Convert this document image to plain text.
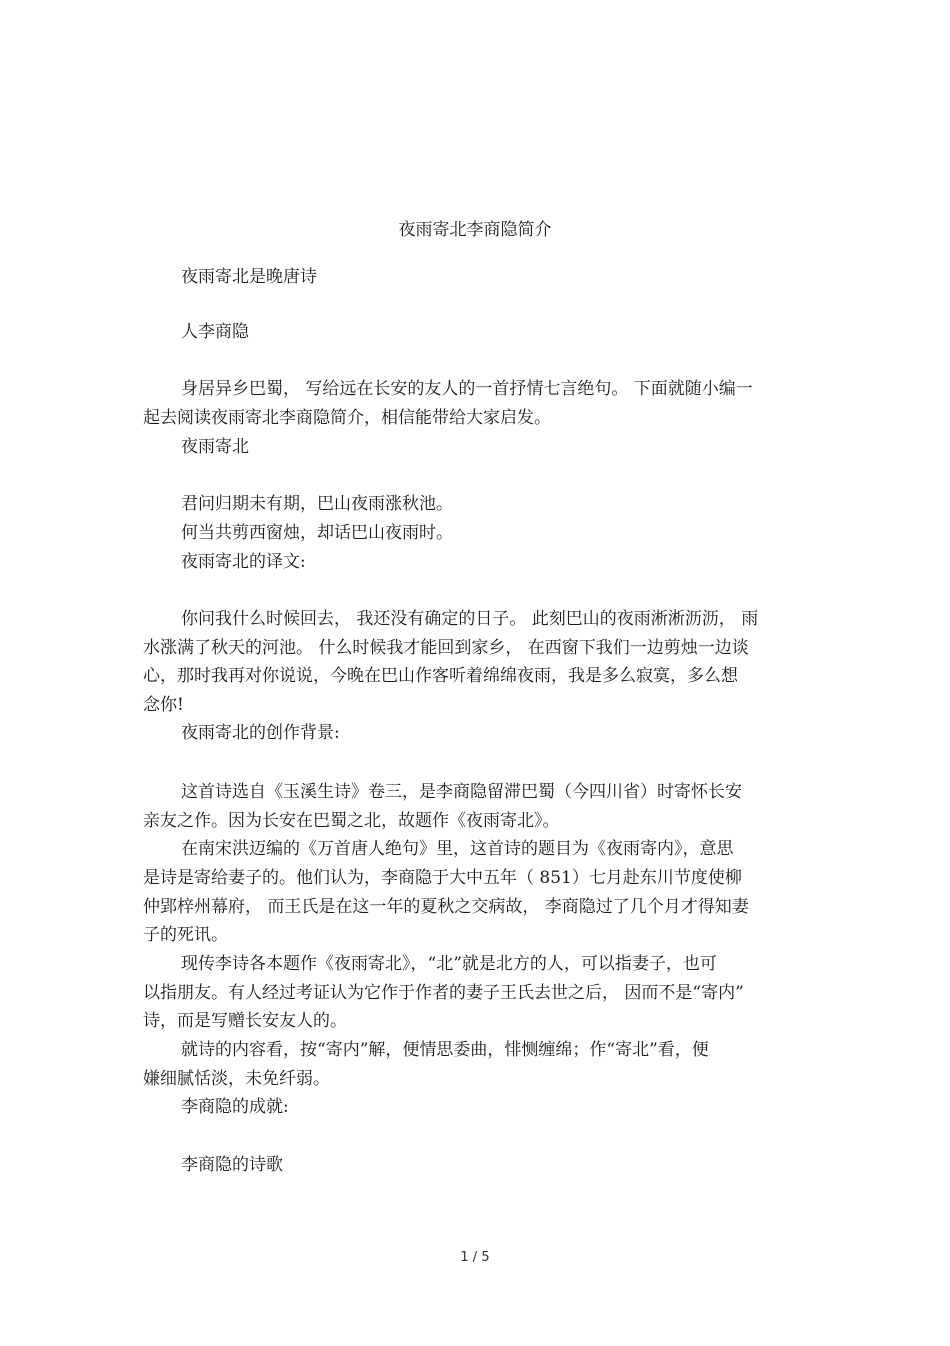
夜雨寄北李商隐简介
夜雨寄北是晚唐诗
人李商隐
身居异乡巴蜀， 写给远在长安的友人的一首抒情七言绝句。 下面就随小编一
起去阅读夜雨寄北李商隐简介，相信能带给大家启发。
夜雨寄北
君问归期未有期，巴山夜雨涨秋池。
何当共剪西窗烛，却话巴山夜雨时。
夜雨寄北的译文:
你问我什么时候回去， 我还没有确定的日子。 此刻巴山的夜雨淅淅沥沥， 雨
水涨满了秋天的河池。 什么时候我才能回到家乡， 在西窗下我们一边剪烛一边谈
心，那时我再对你说说，今晚在巴山作客听着绵绵夜雨，我是多么寂寞，多么想
念你!
夜雨寄北的创作背景:
这首诗选自《玉溪生诗》卷三，是李商隐留滞巴蜀（今四川省）时寄怀长安
亲友之作。因为长安在巴蜀之北，故题作《夜雨寄北》。
在南宋洪迈编的《万首唐人绝句》里，这首诗的题目为《夜雨寄内》，意思
是诗是寄给妻子的。他们认为，李商隐于大中五年（ 851）七月赴东川节度使柳
仲郢梓州幕府， 而王氏是在这一年的夏秋之交病故， 李商隐过了几个月才得知妻
子的死讯。
现传李诗各本题作《夜雨寄北》，“北”就是北方的人，可以指妻子，也可
以指朋友。有人经过考证认为它作于作者的妻子王氏去世之后， 因而不是“寄内”
诗，而是写赠长安友人的。
就诗的内容看，按“寄内”解，便情思委曲，悱恻缠绵；作“寄北”看，便
嫌细腻恬淡，未免纤弱。
李商隐的成就:
李商隐的诗歌
1 / 5
